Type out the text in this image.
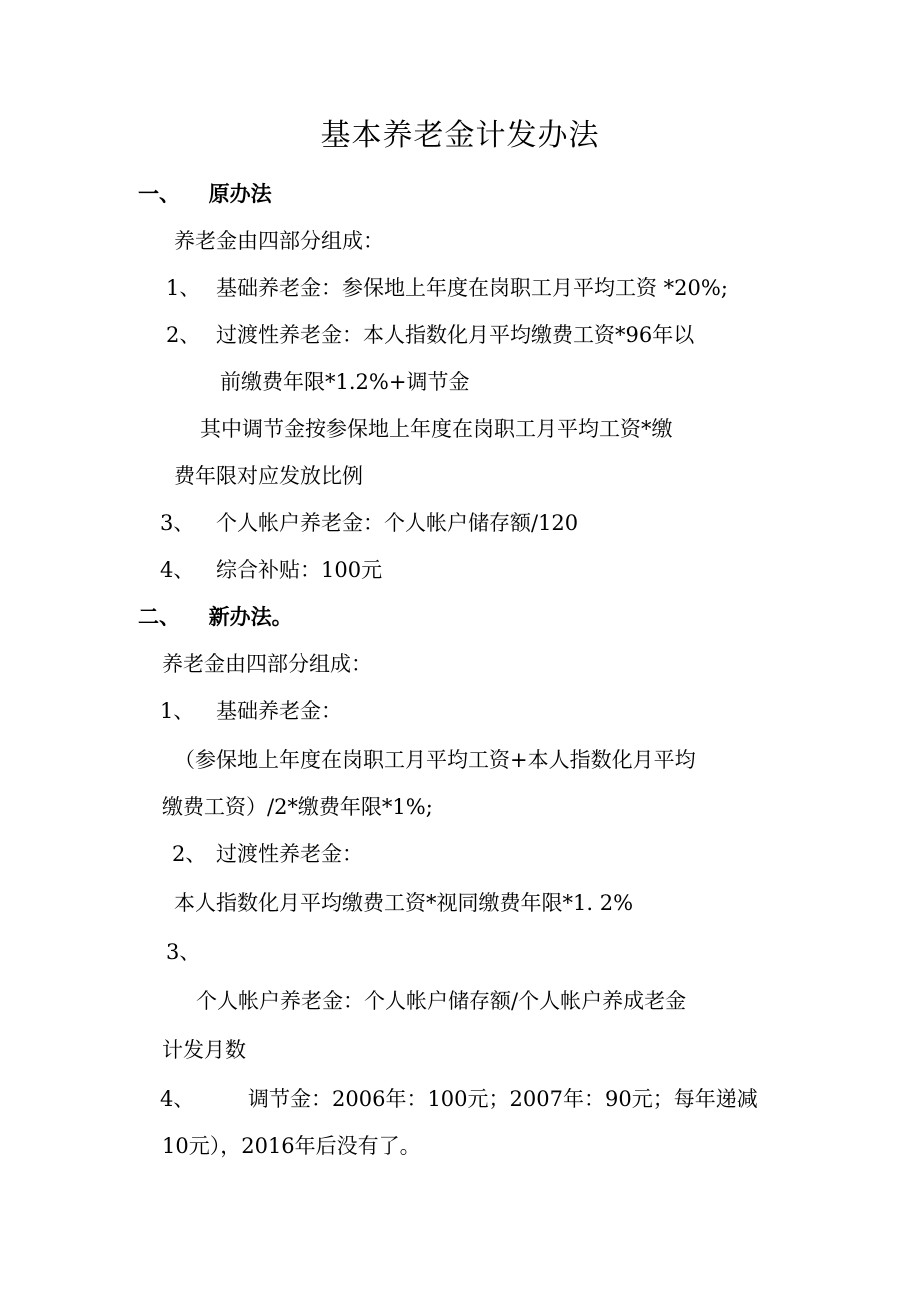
基本养老金计发办法
一、 原办法
养老金由四部分组成：
1、 基础养老金：参保地上年度在岗职工月平均工资 *20%;
2、 过渡性养老金：本人指数化月平均缴费工资*96年以
前缴费年限*1.2%+调节金
其中调节金按参保地上年度在岗职工月平均工资*缴
费年限对应发放比例
3、 个人帐户养老金：个人帐户储存额/120
4、 综合补贴：100元
二、 新办法。
养老金由四部分组成：
1、 基础养老金：
（参保地上年度在岗职工月平均工资+本人指数化月平均
缴费工资）/2*缴费年限*1%;
2、 过渡性养老金：
本人指数化月平均缴费工资*视同缴费年限*1. 2%
3、
个人帐户养老金：个人帐户储存额/个人帐户养成老金
计发月数
4、	调节金：2006年：100元；2007年：90元；每年递减
10元），2016年后没有了。
